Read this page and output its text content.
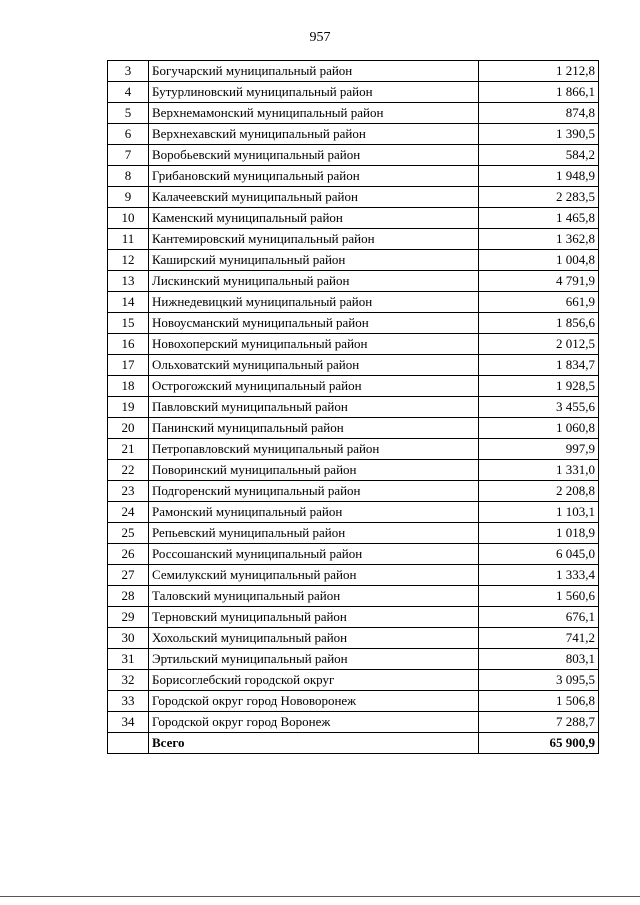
957
3	Богучарский муниципальный район	1 212,8
4	Бутурлиновский муниципальный район	1 866,1
5	Верхнемамонский муниципальный район	874,8
6	Верхнехавский муниципальный район	1 390,5
7	Воробьевский муниципальный район	584,2
8	Грибановский муниципальный район	1 948,9
9	Калачеевский муниципальный район	2 283,5
10	Каменский муниципальный район	1 465,8
11	Кантемировский муниципальный район	1 362,8
12	Каширский муниципальный район	1 004,8
13	Лискинский муниципальный район	4 791,9
14	Нижнедевицкий муниципальный район	661,9
15	Новоусманский муниципальный район	1 856,6
16	Новохоперский муниципальный район	2 012,5
17	Ольховатский муниципальный район	1 834,7
18	Острогожский муниципальный район	1 928,5
19	Павловский муниципальный район	3 455,6
20	Панинский муниципальный район	1 060,8
21	Петропавловский муниципальный район	997,9
22	Поворинский муниципальный район	1 331,0
23	Подгоренский муниципальный район	2 208,8
24	Рамонский муниципальный район	1 103,1
25	Репьевский муниципальный район	1 018,9
26	Россошанский муниципальный район	6 045,0
27	Семилукский муниципальный район	1 333,4
28	Таловский муниципальный район	1 560,6
29	Терновский муниципальный район	676,1
30	Хохольский муниципальный район	741,2
31	Эртильский муниципальный район	803,1
32	Борисоглебский городской округ	3 095,5
33	Городской округ город Нововоронеж	1 506,8
34	Городской округ город Воронеж	7 288,7
	Всего	65 900,9
